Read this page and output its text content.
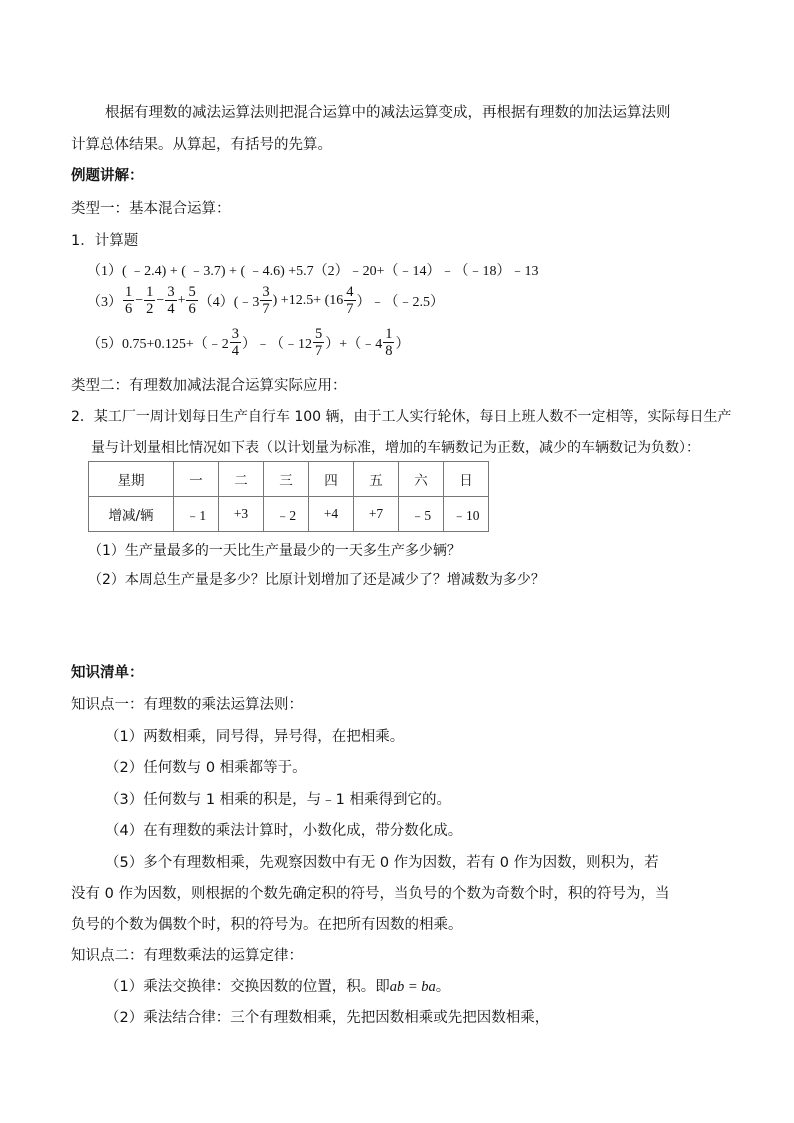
根据有理数的减法运算法则把混合运算中的减法运算变成，再根据有理数的加法运算法则
计算总体结果。从算起，有括号的先算。
例题讲解：
类型一：基本混合运算：
1．计算题
（1）( ﹣2.4) + ( ﹣3.7) + ( ﹣4.6) +5.7（2）﹣20+（﹣14）﹣（﹣18）﹣13
$(3) \frac{1}{6} - \frac{1}{2} - \frac{3}{4} + \frac{5}{6}$ （4）(﹣3 $\frac{3}{7}$ ) $+12.5+ (16 \frac{4}{7}$ ）﹣（﹣2.5）
（5）0.75+0.125+（﹣2 $\frac{3}{4}$ ）﹣（﹣12 $\frac{5}{7}$ ）+（﹣4 $\frac{1}{8}$ ）
类型二：有理数加减法混合运算实际应用：
2．某工厂一周计划每日生产自行车 100 辆，由于工人实行轮休，每日上班人数不一定相等，实际每日生产
量与计划量相比情况如下表（以计划量为标准，增加的车辆数记为正数，减少的车辆数记为负数）：
星期	一	二	三	四	五	六	日
增减/辆	﹣1	+3	﹣2	+4	+7	﹣5	﹣10
（1）生产量最多的一天比生产量最少的一天多生产多少辆？
（2）本周总生产量是多少？比原计划增加了还是减少了？增减数为多少？
知识清单：
知识点一：有理数的乘法运算法则：
（1）两数相乘，同号得，异号得，在把相乘。
（2）任何数与 0 相乘都等于。
（3）任何数与 1 相乘的积是，与﹣1 相乘得到它的。
（4）在有理数的乘法计算时，小数化成，带分数化成。
（5）多个有理数相乘，先观察因数中有无 0 作为因数，若有 0 作为因数，则积为，若
没有 0 作为因数，则根据的个数先确定积的符号，当负号的个数为奇数个时，积的符号为，当
负号的个数为偶数个时，积的符号为。在把所有因数的相乘。
知识点二：有理数乘法的运算定律：
（1）乘法交换律：交换因数的位置，积。即ab = ba。
（2）乘法结合律：三个有理数相乘，先把因数相乘或先把因数相乘，
